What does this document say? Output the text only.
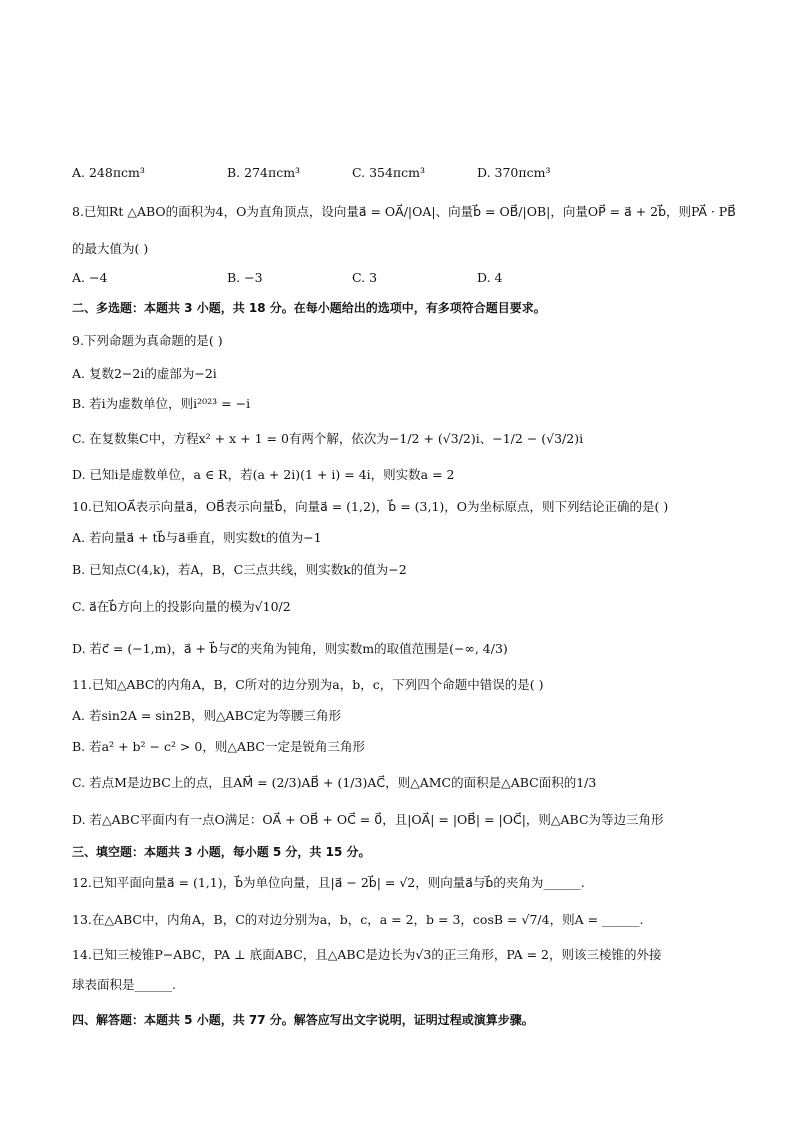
A. 248πcm³	B. 274πcm³	C. 354πcm³	D. 370πcm³
8.已知Rt △ABO的面积为4，O为直角顶点，设向量a⃗ = OA⃗/|OA|、向量b⃗ = OB⃗/|OB|，向量OP⃗ = a⃗ + 2b⃗，则PA⃗ · PB⃗
的最大值为( )
A. −4	B. −3	C. 3	D. 4
二、多选题：本题共 3 小题，共 18 分。在每小题给出的选项中，有多项符合题目要求。
9.下列命题为真命题的是( )
A. 复数2−2i的虚部为−2i
B. 若i为虚数单位，则i²⁰²³ = −i
C. 在复数集C中，方程x² + x + 1 = 0有两个解，依次为−1/2 + (√3/2)i、−1/2 − (√3/2)i
D. 已知i是虚数单位，a ∈ R，若(a + 2i)(1 + i) = 4i，则实数a = 2
10.已知OA⃗表示向量a⃗，OB⃗表示向量b⃗，向量a⃗ = (1,2)，b⃗ = (3,1)，O为坐标原点，则下列结论正确的是( )
A. 若向量a⃗ + tb⃗与a⃗垂直，则实数t的值为−1
B. 已知点C(4,k)，若A，B，C三点共线，则实数k的值为−2
C. a⃗在b⃗方向上的投影向量的模为√10/2
D. 若c⃗ = (−1,m)，a⃗ + b⃗与c⃗的夹角为钝角，则实数m的取值范围是(−∞, 4/3)
11.已知△ABC的内角A，B，C所对的边分别为a，b，c，下列四个命题中错误的是( )
A. 若sin2A = sin2B，则△ABC定为等腰三角形
B. 若a² + b² − c² > 0，则△ABC一定是锐角三角形
C. 若点M是边BC上的点，且AM⃗ = (2/3)AB⃗ + (1/3)AC⃗，则△AMC的面积是△ABC面积的1/3
D. 若△ABC平面内有一点O满足：OA⃗ + OB⃗ + OC⃗ = 0⃗，且|OA⃗| = |OB⃗| = |OC⃗|，则△ABC为等边三角形
三、填空题：本题共 3 小题，每小题 5 分，共 15 分。
12.已知平面向量a⃗ = (1,1)，b⃗为单位向量，且|a⃗ − 2b⃗| = √2，则向量a⃗与b⃗的夹角为______.
13.在△ABC中，内角A，B，C的对边分别为a，b，c，a = 2，b = 3，cosB = √7/4，则A = ______.
14.已知三棱锥P−ABC，PA ⊥ 底面ABC，且△ABC是边长为√3的正三角形，PA = 2，则该三棱锥的外接
球表面积是______.
四、解答题：本题共 5 小题，共 77 分。解答应写出文字说明，证明过程或演算步骤。
